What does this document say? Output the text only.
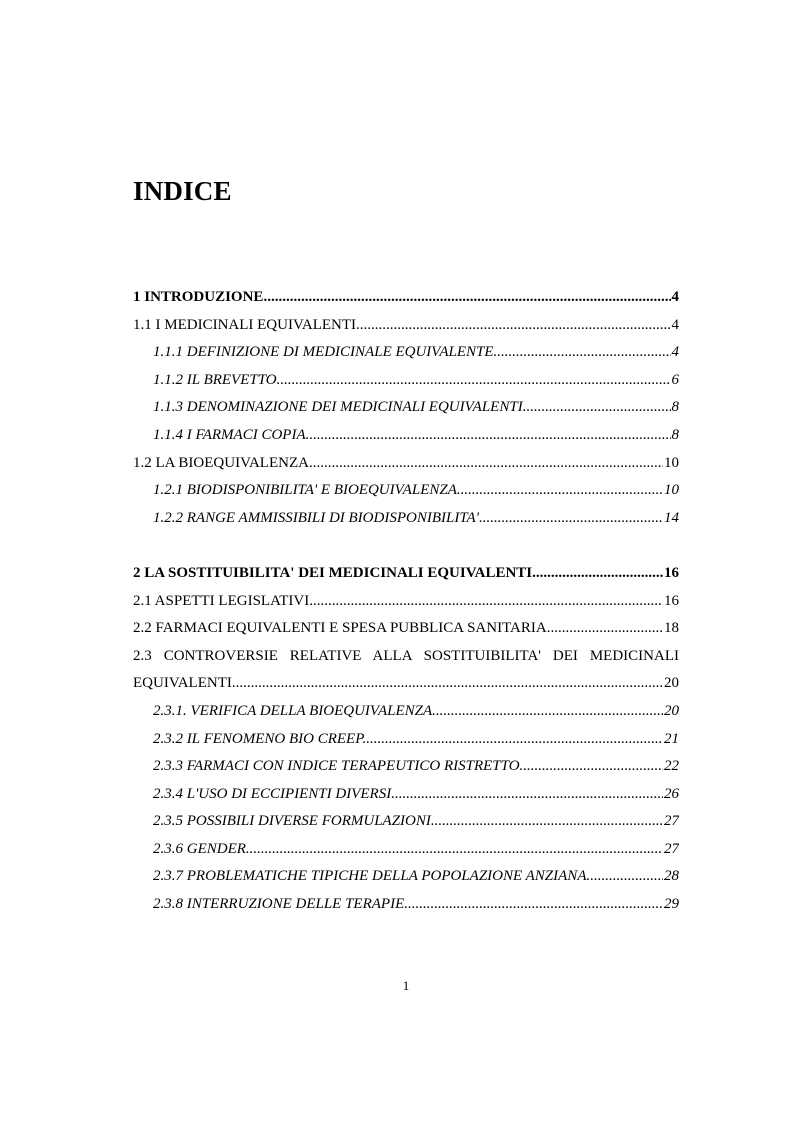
INDICE
1 INTRODUZIONE .....	4
1.1 I MEDICINALI EQUIVALENTI .....	4
1.1.1 DEFINIZIONE DI MEDICINALE EQUIVALENTE .....	4
1.1.2 IL BREVETTO .....	6
1.1.3 DENOMINAZIONE DEI MEDICINALI EQUIVALENTI .....	8
1.1.4 I FARMACI COPIA .....	8
1.2 LA BIOEQUIVALENZA .....	10
1.2.1 BIODISPONIBILITA' E BIOEQUIVALENZA .....	10
1.2.2 RANGE AMMISSIBILI DI BIODISPONIBILITA' .....	14
2 LA SOSTITUIBILITA' DEI MEDICINALI EQUIVALENTI .....	16
2.1 ASPETTI LEGISLATIVI .....	16
2.2 FARMACI EQUIVALENTI E SPESA PUBBLICA SANITARIA .....	18
2.3 CONTROVERSIE RELATIVE ALLA SOSTITUIBILITA' DEI MEDICINALI
EQUIVALENTI .....	20
2.3.1. VERIFICA DELLA BIOEQUIVALENZA .....	20
2.3.2 IL FENOMENO BIO CREEP .....	21
2.3.3 FARMACI CON INDICE TERAPEUTICO RISTRETTO .....	22
2.3.4 L'USO DI ECCIPIENTI DIVERSI .....	26
2.3.5 POSSIBILI DIVERSE FORMULAZIONI .....	27
2.3.6 GENDER .....	27
2.3.7 PROBLEMATICHE TIPICHE DELLA POPOLAZIONE ANZIANA .....	28
2.3.8 INTERRUZIONE DELLE TERAPIE .....	29
1
